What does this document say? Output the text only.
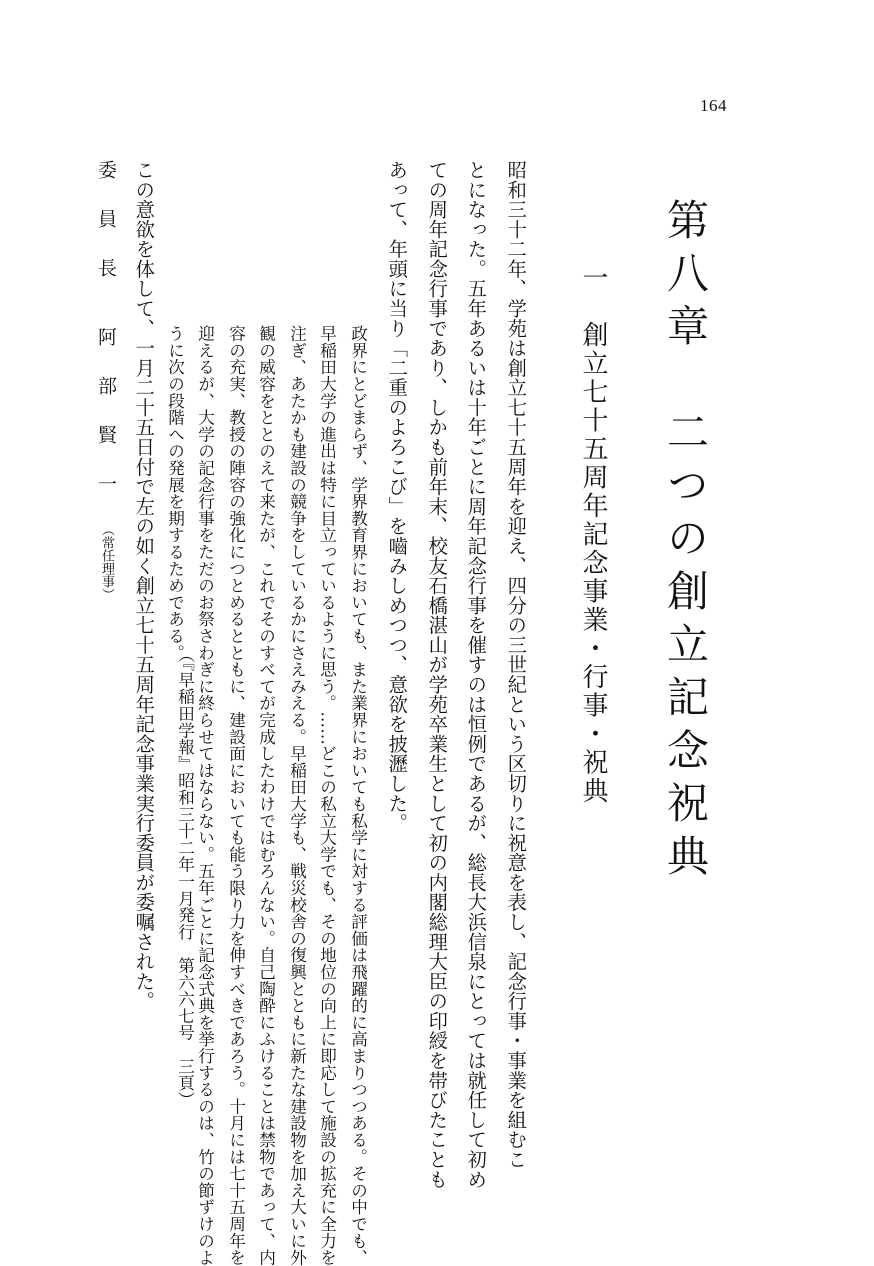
164
第八章　二つの創立記念祝典
一　創立七十五周年記念事業・行事・祝典
昭和三十二年、学苑は創立七十五周年を迎え、四分の三世紀という区切りに祝意を表し、記念行事・事業を組むこ
とになった。五年あるいは十年ごとに周年記念行事を催すのは恒例であるが、総長大浜信泉にとっては就任して初め
ての周年記念行事であり、しかも前年末、校友石橋湛山が学苑卒業生として初の内閣総理大臣の印綬を帯びたことも
あって、年頭に当り「二重のよろこび」を嚙みしめつつ、意欲を披瀝した。
政界にとどまらず、学界教育界においても、また業界においても私学に対する評価は飛躍的に高まりつつある。その中でも、
早稲田大学の進出は特に目立っているように思う。……どこの私立大学でも、その地位の向上に即応して施設の拡充に全力を
注ぎ、あたかも建設の競争をしているかにさえみえる。早稲田大学も、戦災校舎の復興とともに新たな建設物を加え大いに外
観の威容をととのえて来たが、これでそのすべてが完成したわけではむろんない。自己陶酔にふけることは禁物であって、内
容の充実、教授の陣容の強化につとめるとともに、建設面においても能う限り力を伸すべきであろう。十月には七十五周年を
迎えるが、大学の記念行事をただのお祭さわぎに終らせてはならない。五年ごとに記念式典を挙行するのは、竹の節ずけのよ
うに次の段階への発展を期するためである。
（『早稲田学報』昭和三十二年一月発行　第六六七号　三頁）
この意欲を体して、一月二十五日付で左の如く創立七十五周年記念事業実行委員が委嘱された。
委員長阿部賢一（常任理事）
